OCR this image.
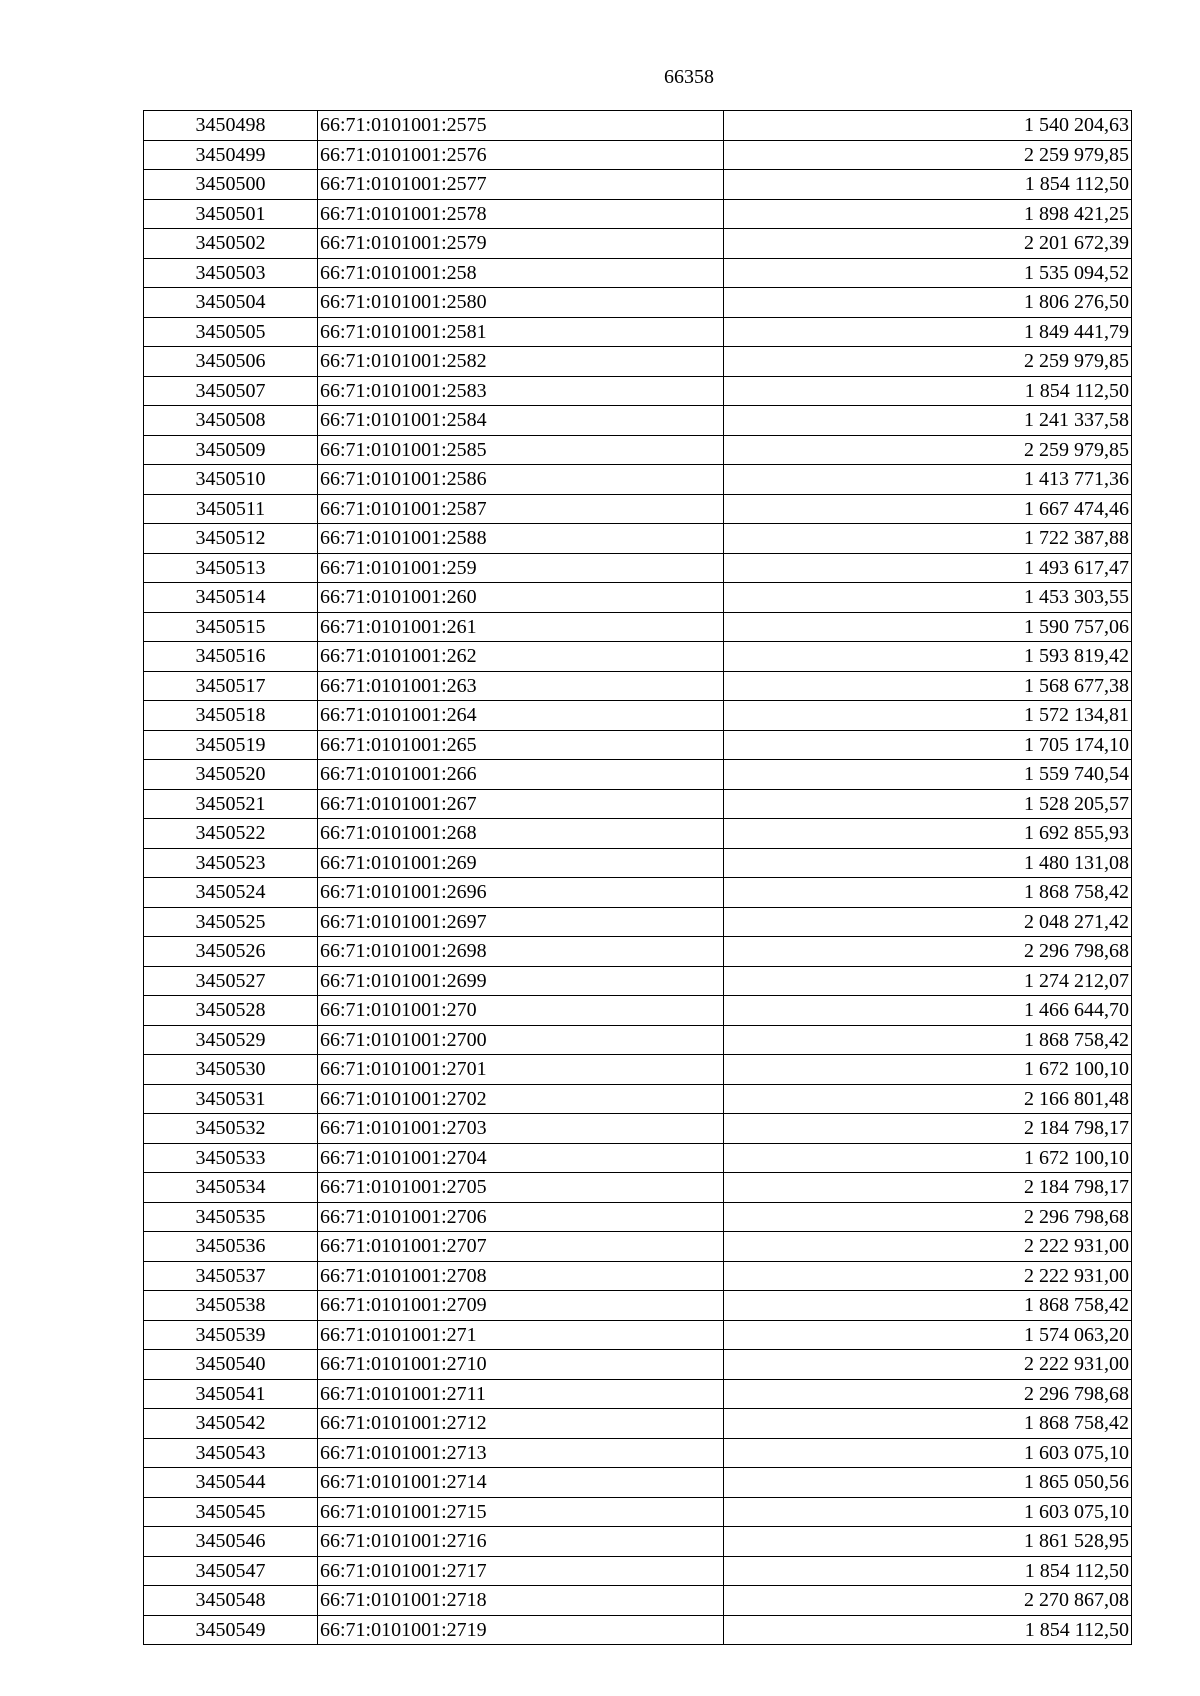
66358
3450498	66:71:0101001:2575	1 540 204,63
3450499	66:71:0101001:2576	2 259 979,85
3450500	66:71:0101001:2577	1 854 112,50
3450501	66:71:0101001:2578	1 898 421,25
3450502	66:71:0101001:2579	2 201 672,39
3450503	66:71:0101001:258	1 535 094,52
3450504	66:71:0101001:2580	1 806 276,50
3450505	66:71:0101001:2581	1 849 441,79
3450506	66:71:0101001:2582	2 259 979,85
3450507	66:71:0101001:2583	1 854 112,50
3450508	66:71:0101001:2584	1 241 337,58
3450509	66:71:0101001:2585	2 259 979,85
3450510	66:71:0101001:2586	1 413 771,36
3450511	66:71:0101001:2587	1 667 474,46
3450512	66:71:0101001:2588	1 722 387,88
3450513	66:71:0101001:259	1 493 617,47
3450514	66:71:0101001:260	1 453 303,55
3450515	66:71:0101001:261	1 590 757,06
3450516	66:71:0101001:262	1 593 819,42
3450517	66:71:0101001:263	1 568 677,38
3450518	66:71:0101001:264	1 572 134,81
3450519	66:71:0101001:265	1 705 174,10
3450520	66:71:0101001:266	1 559 740,54
3450521	66:71:0101001:267	1 528 205,57
3450522	66:71:0101001:268	1 692 855,93
3450523	66:71:0101001:269	1 480 131,08
3450524	66:71:0101001:2696	1 868 758,42
3450525	66:71:0101001:2697	2 048 271,42
3450526	66:71:0101001:2698	2 296 798,68
3450527	66:71:0101001:2699	1 274 212,07
3450528	66:71:0101001:270	1 466 644,70
3450529	66:71:0101001:2700	1 868 758,42
3450530	66:71:0101001:2701	1 672 100,10
3450531	66:71:0101001:2702	2 166 801,48
3450532	66:71:0101001:2703	2 184 798,17
3450533	66:71:0101001:2704	1 672 100,10
3450534	66:71:0101001:2705	2 184 798,17
3450535	66:71:0101001:2706	2 296 798,68
3450536	66:71:0101001:2707	2 222 931,00
3450537	66:71:0101001:2708	2 222 931,00
3450538	66:71:0101001:2709	1 868 758,42
3450539	66:71:0101001:271	1 574 063,20
3450540	66:71:0101001:2710	2 222 931,00
3450541	66:71:0101001:2711	2 296 798,68
3450542	66:71:0101001:2712	1 868 758,42
3450543	66:71:0101001:2713	1 603 075,10
3450544	66:71:0101001:2714	1 865 050,56
3450545	66:71:0101001:2715	1 603 075,10
3450546	66:71:0101001:2716	1 861 528,95
3450547	66:71:0101001:2717	1 854 112,50
3450548	66:71:0101001:2718	2 270 867,08
3450549	66:71:0101001:2719	1 854 112,50
